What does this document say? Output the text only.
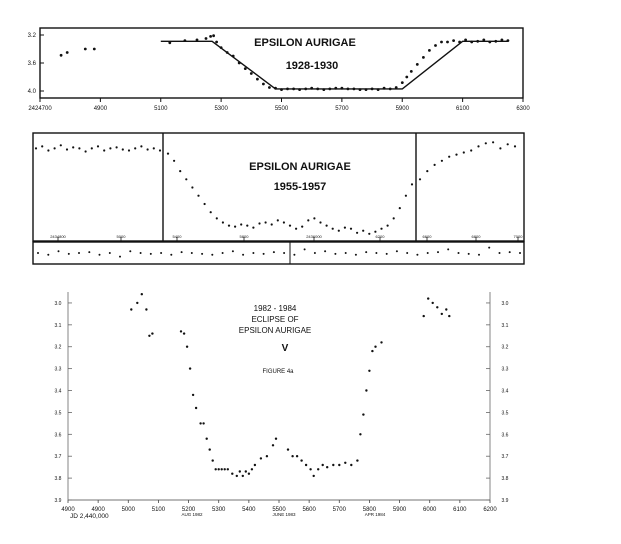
EPSILON AURIGAE
1928-1930
3.2
3.6
4.0
2424700	4900	5100	5300	5500	5700	5900	6100	6300
EPSILON AURIGAE
1955-1957
2434800	5000	5400	5800	2436000	6200	6600	6800	7000
1982 - 1984
ECLIPSE OF
EPSILON AURIGAE
V
FIGURE 4a
3.0	3.0
3.1	3.1
3.2	3.2
3.3	3.3
3.4	3.4
3.5	3.5
3.6	3.6
3.7	3.7
3.8	3.8
3.9	3.9
4900	4900	5000	5100	5200	5300	5400	5500	5600	5700	5800	5900	6000	6100	6200
JD 2,440,000	AUG 1982	JUNE 1983	APR 1984
